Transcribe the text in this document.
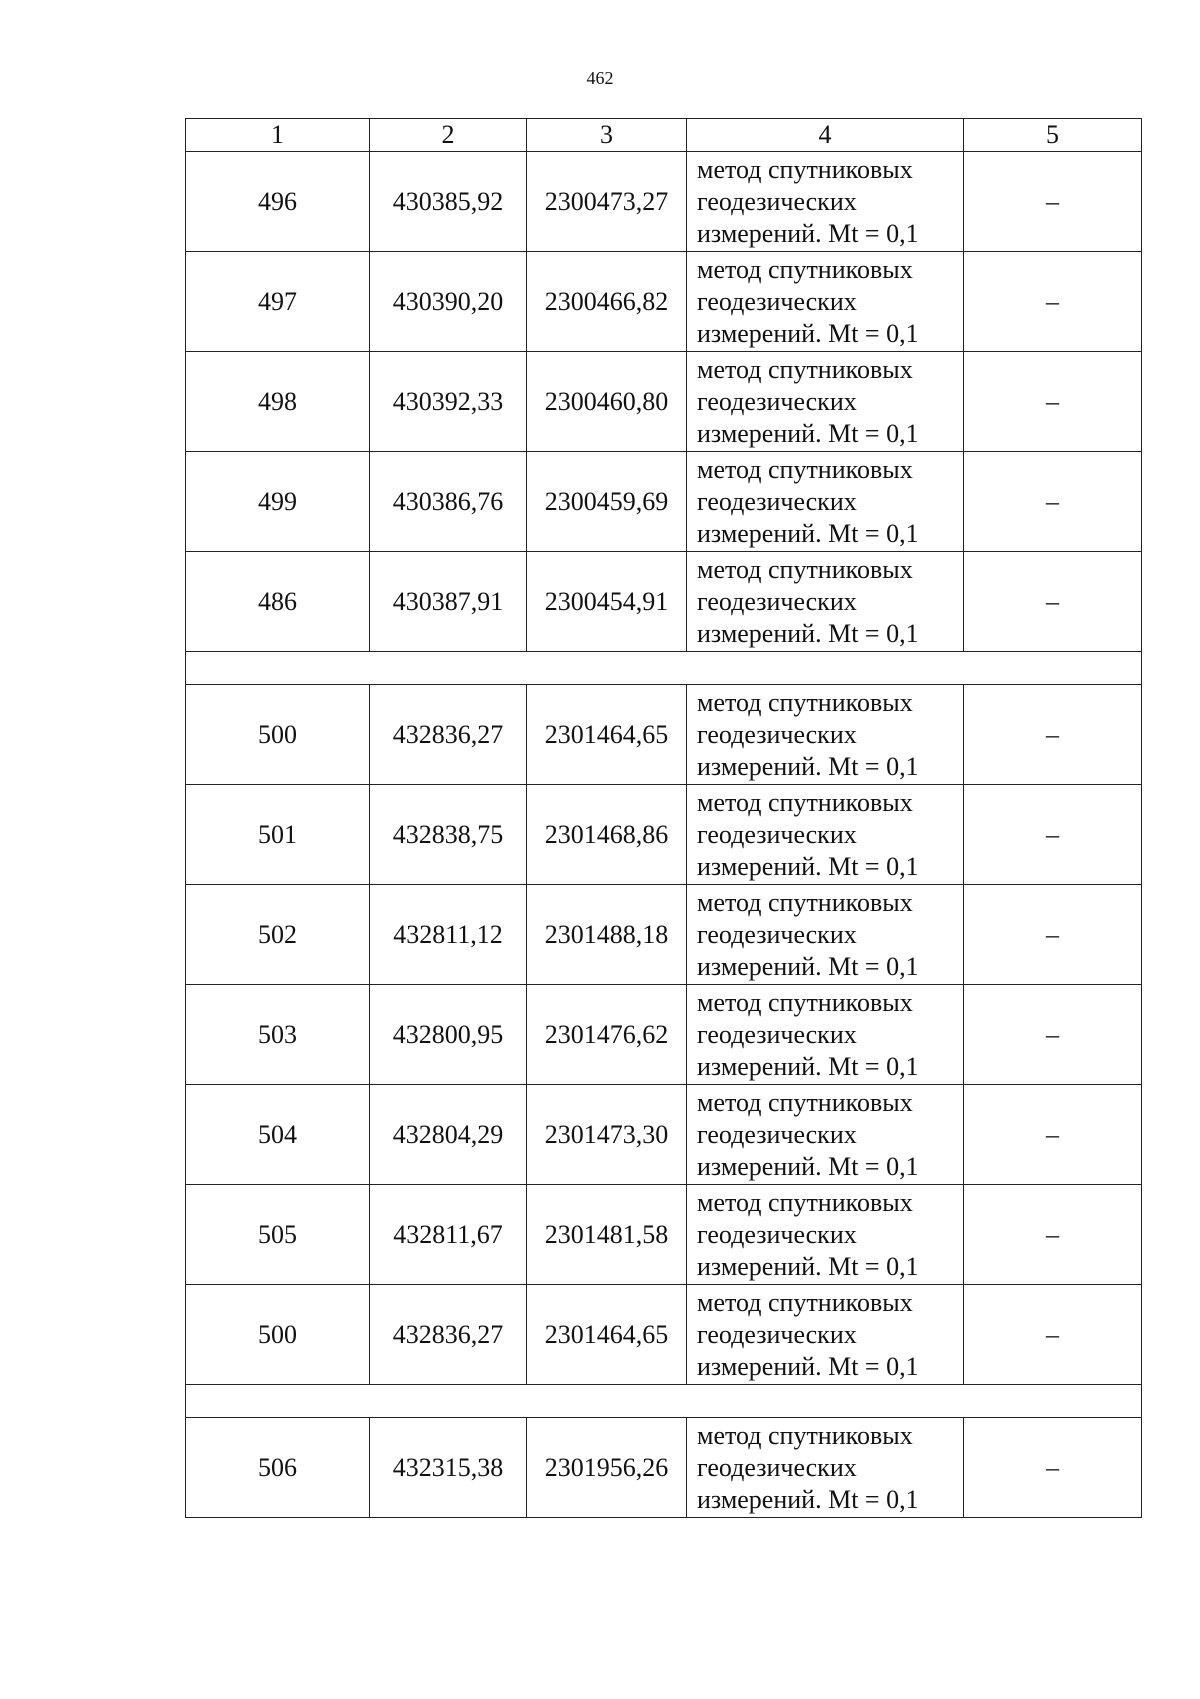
462
1	2	3	4	5
496	430385,92	2300473,27	метод спутниковых
геодезических
измерений. Mt = 0,1	–
497	430390,20	2300466,82	метод спутниковых
геодезических
измерений. Mt = 0,1	–
498	430392,33	2300460,80	метод спутниковых
геодезических
измерений. Mt = 0,1	–
499	430386,76	2300459,69	метод спутниковых
геодезических
измерений. Mt = 0,1	–
486	430387,91	2300454,91	метод спутниковых
геодезических
измерений. Mt = 0,1	–

500	432836,27	2301464,65	метод спутниковых
геодезических
измерений. Mt = 0,1	–
501	432838,75	2301468,86	метод спутниковых
геодезических
измерений. Mt = 0,1	–
502	432811,12	2301488,18	метод спутниковых
геодезических
измерений. Mt = 0,1	–
503	432800,95	2301476,62	метод спутниковых
геодезических
измерений. Mt = 0,1	–
504	432804,29	2301473,30	метод спутниковых
геодезических
измерений. Mt = 0,1	–
505	432811,67	2301481,58	метод спутниковых
геодезических
измерений. Mt = 0,1	–
500	432836,27	2301464,65	метод спутниковых
геодезических
измерений. Mt = 0,1	–

506	432315,38	2301956,26	метод спутниковых
геодезических
измерений. Mt = 0,1	–
